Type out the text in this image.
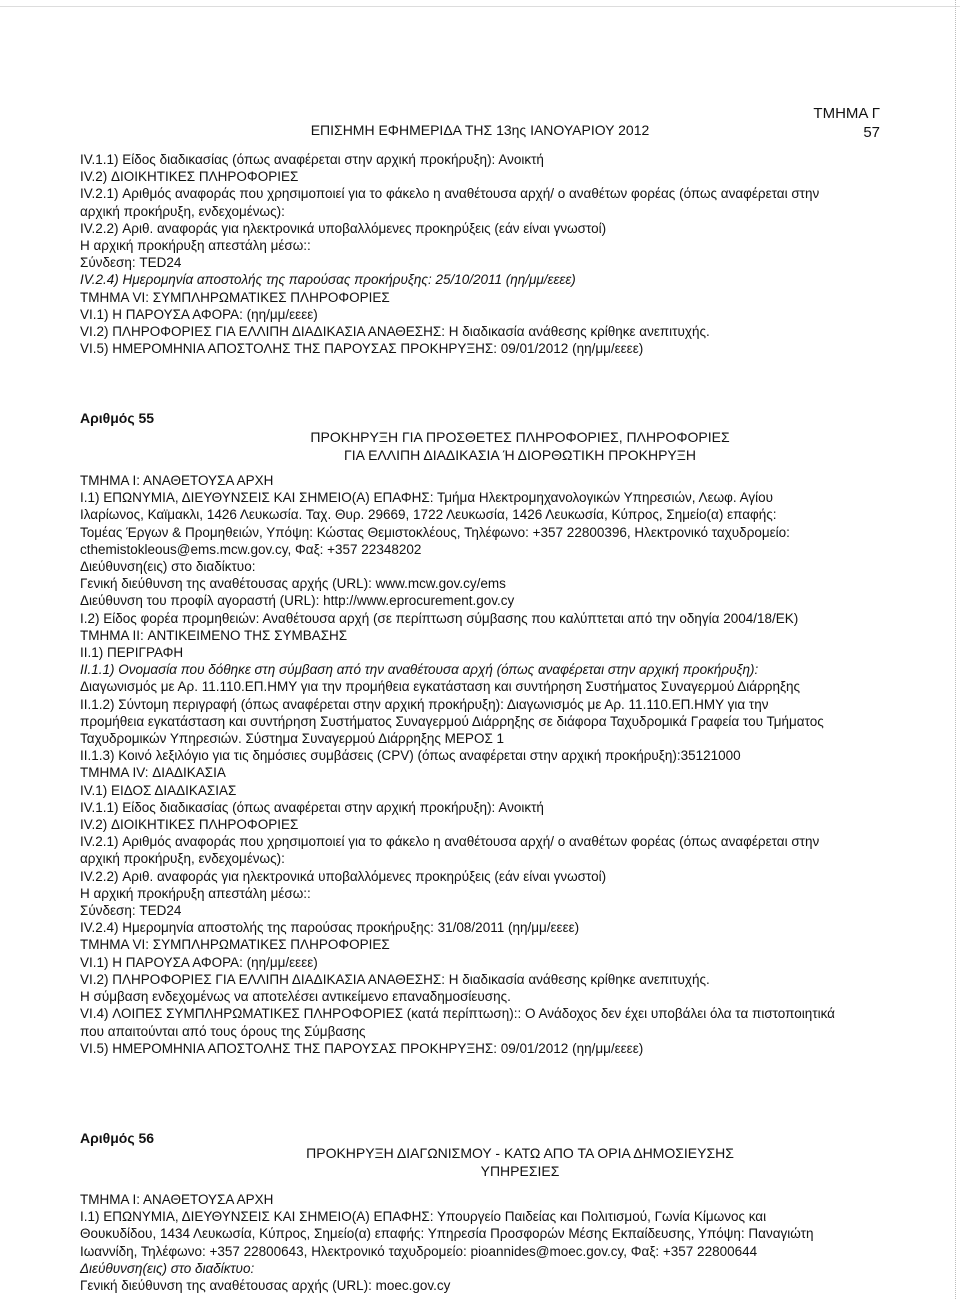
ΤΜΗΜΑ Γ
57
ΕΠΙΣΗΜΗ ΕΦΗΜΕΡΙΔΑ ΤΗΣ 13ης ΙΑΝΟΥΑΡΙΟΥ 2012
IV.1.1) Είδος διαδικασίας (όπως αναφέρεται στην αρχική προκήρυξη): Ανοικτή
IV.2) ΔΙΟΙΚΗΤΙΚΕΣ ΠΛΗΡΟΦΟΡΙΕΣ
IV.2.1) Αριθμός αναφοράς που χρησιμοποιεί για το φάκελο η αναθέτουσα αρχή/ ο αναθέτων φορέας (όπως αναφέρεται στην
αρχική προκήρυξη, ενδεχομένως):
IV.2.2) Αριθ. αναφοράς για ηλεκτρονικά υποβαλλόμενες προκηρύξεις (εάν είναι γνωστοί)
Η αρχική προκήρυξη απεστάλη μέσω::
Σύνδεση: TED24
IV.2.4) Ημερομηνία αποστολής της παρούσας προκήρυξης: 25/10/2011 (ηη/μμ/εεεε)
ΤΜΗΜΑ VI: ΣΥΜΠΛΗΡΩΜΑΤΙΚΕΣ ΠΛΗΡΟΦΟΡΙΕΣ
VI.1) Η ΠΑΡΟΥΣΑ ΑΦΟΡΑ: (ηη/μμ/εεεε)
VI.2) ΠΛΗΡΟΦΟΡΙΕΣ ΓΙΑ ΕΛΛΙΠΗ ΔΙΑΔΙΚΑΣΙΑ ΑΝΑΘΕΣΗΣ: Η διαδικασία ανάθεσης κρίθηκε ανεπιτυχής.
VI.5) ΗΜΕΡΟΜΗΝΙΑ ΑΠΟΣΤΟΛΗΣ ΤΗΣ ΠΑΡΟΥΣΑΣ ΠΡΟΚΗΡΥΞΗΣ: 09/01/2012 (ηη/μμ/εεεε)
Αριθμός 55
ΠΡΟΚΗΡΥΞΗ ΓΙΑ ΠΡΟΣΘΕΤΕΣ ΠΛΗΡΟΦΟΡΙΕΣ, ΠΛΗΡΟΦΟΡΙΕΣ
ΓΙΑ ΕΛΛΙΠΗ ΔΙΑΔΙΚΑΣΙΑ Ή ΔΙΟΡΘΩΤΙΚΗ ΠΡΟΚΗΡΥΞΗ
ΤΜΗΜΑ Ι: ΑΝΑΘΕΤΟΥΣΑ ΑΡΧΗ
I.1) ΕΠΩΝΥΜΙΑ, ΔΙΕΥΘΥΝΣΕΙΣ ΚΑΙ ΣΗΜΕΙΟ(Α) ΕΠΑΦΗΣ: Τμήμα Ηλεκτρομηχανολογικών Υπηρεσιών, Λεωφ. Αγίου
Ιλαρίωνος, Καϊμακλι, 1426 Λευκωσία. Ταχ. Θυρ. 29669, 1722 Λευκωσία, 1426 Λευκωσία, Κύπρος, Σημείο(α) επαφής:
Τομέας Έργων & Προμηθειών, Υπόψη: Κώστας Θεμιστοκλέους, Τηλέφωνο: +357 22800396, Ηλεκτρονικό ταχυδρομείο:
cthemistokleous@ems.mcw.gov.cy, Φαξ: +357 22348202
Διεύθυνση(εις) στο διαδίκτυο:
Γενική διεύθυνση της αναθέτουσας αρχής (URL): www.mcw.gov.cy/ems
Διεύθυνση του προφίλ αγοραστή (URL): http://www.eprocurement.gov.cy
I.2) Είδος φορέα προμηθειών: Αναθέτουσα αρχή (σε περίπτωση σύμβασης που καλύπτεται από την οδηγία 2004/18/ΕΚ)
ΤΜΗΜΑ II: ΑΝΤΙΚΕΙΜΕΝΟ ΤΗΣ ΣΥΜΒΑΣΗΣ
II.1) ΠΕΡΙΓΡΑΦΗ
II.1.1) Ονομασία που δόθηκε στη σύμβαση από την αναθέτουσα αρχή (όπως αναφέρεται στην αρχική προκήρυξη):
Διαγωνισμός με Αρ. 11.110.ΕΠ.ΗΜΥ για την προμήθεια εγκατάσταση και συντήρηση Συστήματος Συναγερμού Διάρρηξης
II.1.2) Σύντομη περιγραφή (όπως αναφέρεται στην αρχική προκήρυξη): Διαγωνισμός με Αρ. 11.110.ΕΠ.ΗΜΥ για την
προμήθεια εγκατάσταση και συντήρηση Συστήματος Συναγερμού Διάρρηξης σε διάφορα Ταχυδρομικά Γραφεία του Τμήματος
Ταχυδρομικών Υπηρεσιών. Σύστημα Συναγερμού Διάρρηξης ΜΕΡΟΣ 1
II.1.3) Κοινό λεξιλόγιο για τις δημόσιες συμβάσεις (CPV) (όπως αναφέρεται στην αρχική προκήρυξη):35121000
ΤΜΗΜΑ IV: ΔΙΑΔΙΚΑΣΙΑ
IV.1) ΕΙΔΟΣ ΔΙΑΔΙΚΑΣΙΑΣ
IV.1.1) Είδος διαδικασίας (όπως αναφέρεται στην αρχική προκήρυξη): Ανοικτή
IV.2) ΔΙΟΙΚΗΤΙΚΕΣ ΠΛΗΡΟΦΟΡΙΕΣ
IV.2.1) Αριθμός αναφοράς που χρησιμοποιεί για το φάκελο η αναθέτουσα αρχή/ ο αναθέτων φορέας (όπως αναφέρεται στην
αρχική προκήρυξη, ενδεχομένως):
IV.2.2) Αριθ. αναφοράς για ηλεκτρονικά υποβαλλόμενες προκηρύξεις (εάν είναι γνωστοί)
Η αρχική προκήρυξη απεστάλη μέσω::
Σύνδεση: TED24
IV.2.4) Ημερομηνία αποστολής της παρούσας προκήρυξης: 31/08/2011 (ηη/μμ/εεεε)
ΤΜΗΜΑ VI: ΣΥΜΠΛΗΡΩΜΑΤΙΚΕΣ ΠΛΗΡΟΦΟΡΙΕΣ
VI.1) Η ΠΑΡΟΥΣΑ ΑΦΟΡΑ: (ηη/μμ/εεεε)
VI.2) ΠΛΗΡΟΦΟΡΙΕΣ ΓΙΑ ΕΛΛΙΠΗ ΔΙΑΔΙΚΑΣΙΑ ΑΝΑΘΕΣΗΣ: Η διαδικασία ανάθεσης κρίθηκε ανεπιτυχής.
Η σύμβαση ενδεχομένως να αποτελέσει αντικείμενο επαναδημοσίευσης.
VI.4) ΛΟΙΠΕΣ ΣΥΜΠΛΗΡΩΜΑΤΙΚΕΣ ΠΛΗΡΟΦΟΡΙΕΣ (κατά περίπτωση):: Ο Ανάδοχος δεν έχει υποβάλει όλα τα πιστοποιητικά
που απαιτούνται από τους όρους της Σύμβασης
VI.5) ΗΜΕΡΟΜΗΝΙΑ ΑΠΟΣΤΟΛΗΣ ΤΗΣ ΠΑΡΟΥΣΑΣ ΠΡΟΚΗΡΥΞΗΣ: 09/01/2012 (ηη/μμ/εεεε)
Αριθμός 56
ΠΡΟΚΗΡΥΞΗ ΔΙΑΓΩΝΙΣΜΟΥ - ΚΑΤΩ ΑΠΟ ΤΑ ΟΡΙΑ ΔΗΜΟΣΙΕΥΣΗΣ
ΥΠΗΡΕΣΙΕΣ
ΤΜΗΜΑ Ι: ΑΝΑΘΕΤΟΥΣΑ ΑΡΧΗ
I.1) ΕΠΩΝΥΜΙΑ, ΔΙΕΥΘΥΝΣΕΙΣ ΚΑΙ ΣΗΜΕΙΟ(Α) ΕΠΑΦΗΣ: Υπουργείο Παιδείας και Πολιτισμού, Γωνία Κίμωνος και
Θουκυδίδου, 1434 Λευκωσία, Κύπρος, Σημείο(α) επαφής: Υπηρεσία Προσφορών Μέσης Εκπαίδευσης, Υπόψη: Παναγιώτη
Ιωαννίδη, Τηλέφωνο: +357 22800643, Ηλεκτρονικό ταχυδρομείο: pioannides@moec.gov.cy, Φαξ: +357 22800644
Διεύθυνση(εις) στο διαδίκτυο:
Γενική διεύθυνση της αναθέτουσας αρχής (URL): moec.gov.cy
